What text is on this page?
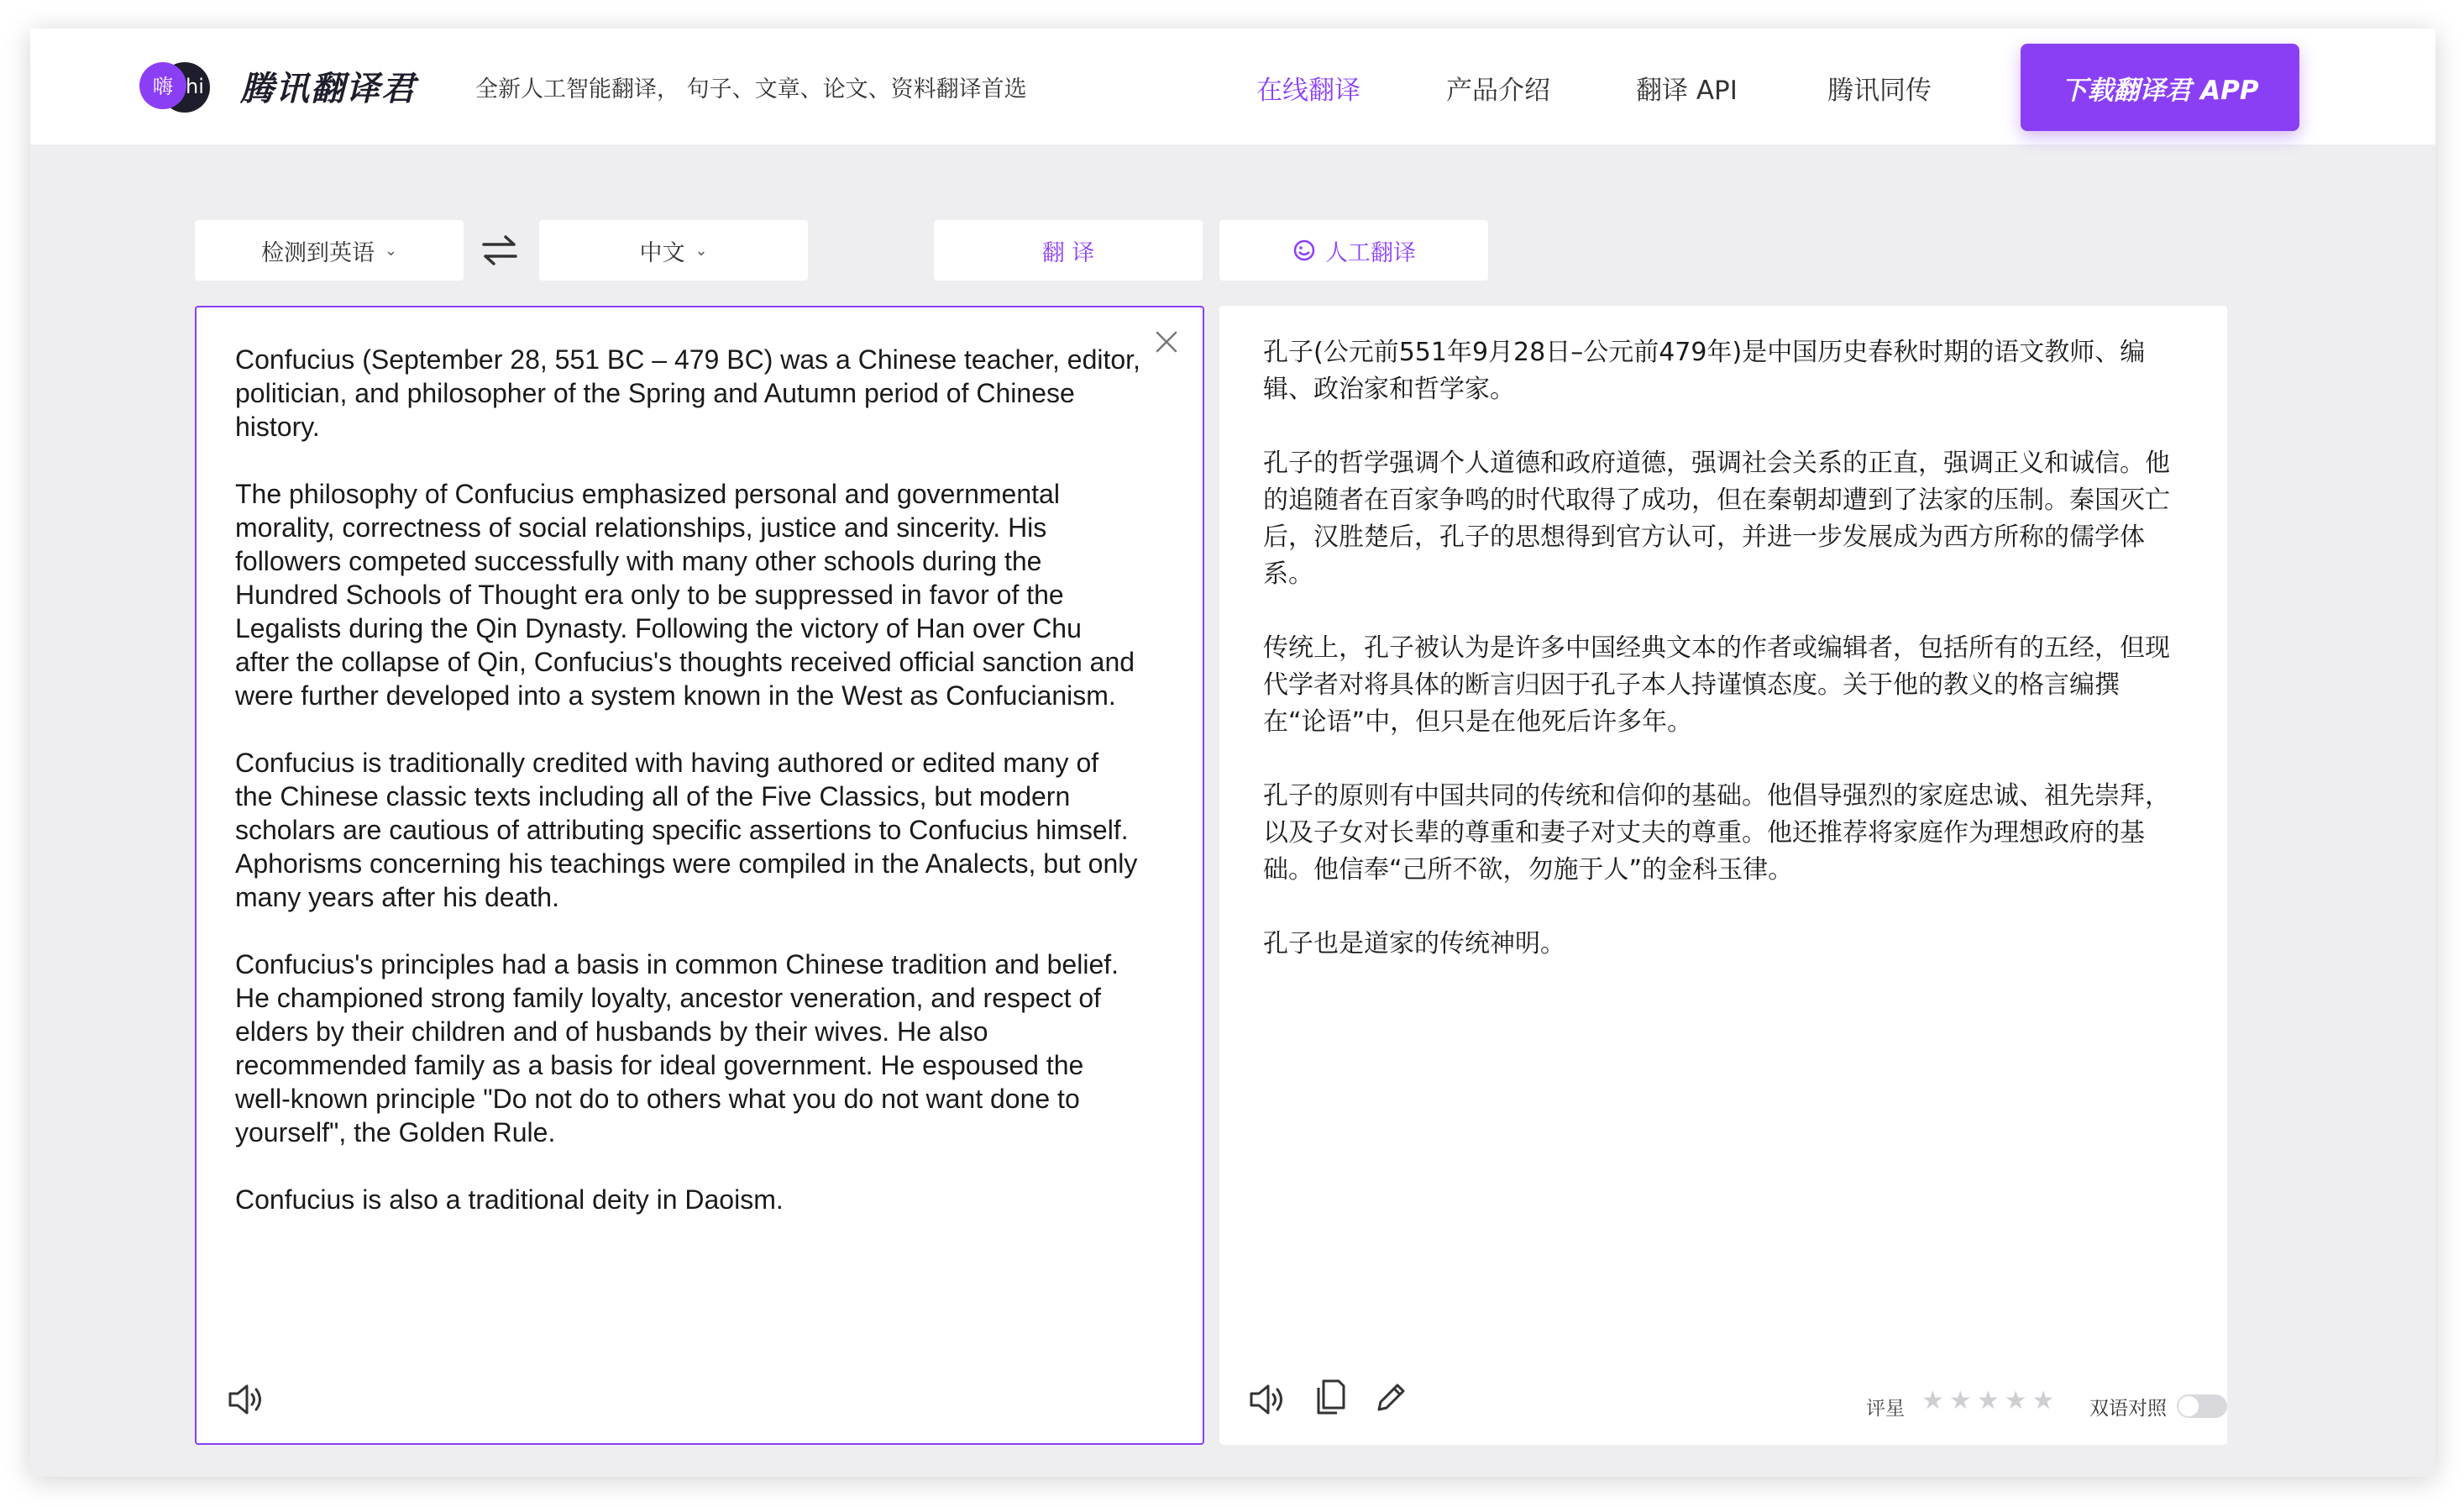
嗨 hi 腾讯翻译君	全新人工智能翻译， 句子、文章、论文、资料翻译首选	在线翻译	产品介绍	翻译 API	腾讯同传	下载翻译君 APP
检测到英语 ⌄	中文 ⌄	翻 译	人工翻译

Confucius (September 28, 551 BC – 479 BC) was a Chinese teacher, editor, politician, and philosopher of the Spring and Autumn period of Chinese history.

The philosophy of Confucius emphasized personal and governmental morality, correctness of social relationships, justice and sincerity. His followers competed successfully with many other schools during the Hundred Schools of Thought era only to be suppressed in favor of the Legalists during the Qin Dynasty. Following the victory of Han over Chu after the collapse of Qin, Confucius's thoughts received official sanction and were further developed into a system known in the West as Confucianism.

Confucius is traditionally credited with having authored or edited many of the Chinese classic texts including all of the Five Classics, but modern scholars are cautious of attributing specific assertions to Confucius himself. Aphorisms concerning his teachings were compiled in the Analects, but only many years after his death.

Confucius's principles had a basis in common Chinese tradition and belief. He championed strong family loyalty, ancestor veneration, and respect of elders by their children and of husbands by their wives. He also recommended family as a basis for ideal government. He espoused the well-known principle "Do not do to others what you do not want done to yourself", the Golden Rule.

Confucius is also a traditional deity in Daoism.

孔子(公元前551年9月28日–公元前479年)是中国历史春秋时期的语文教师、编辑、政治家和哲学家。

孔子的哲学强调个人道德和政府道德，强调社会关系的正直，强调正义和诚信。他的追随者在百家争鸣的时代取得了成功，但在秦朝却遭到了法家的压制。秦国灭亡后，汉胜楚后，孔子的思想得到官方认可，并进一步发展成为西方所称的儒学体系。

传统上，孔子被认为是许多中国经典文本的作者或编辑者，包括所有的五经，但现代学者对将具体的断言归因于孔子本人持谨慎态度。关于他的教义的格言编撰在“论语”中，但只是在他死后许多年。

孔子的原则有中国共同的传统和信仰的基础。他倡导强烈的家庭忠诚、祖先崇拜，以及子女对长辈的尊重和妻子对丈夫的尊重。他还推荐将家庭作为理想政府的基础。他信奉“己所不欲，勿施于人”的金科玉律。

孔子也是道家的传统神明。

评星 ★ ★ ★ ★ ★ 双语对照
